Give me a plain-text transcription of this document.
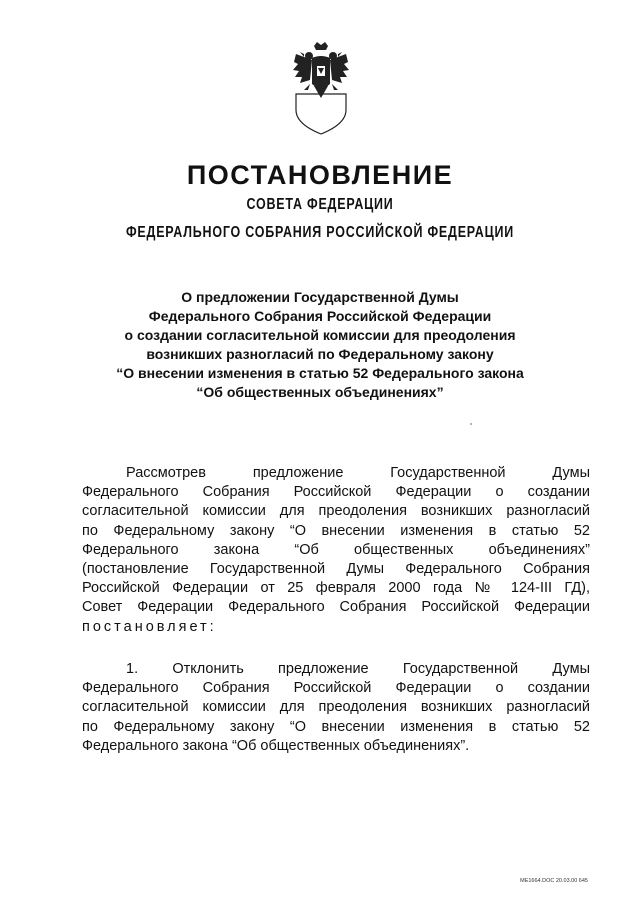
ПОСТАНОВЛЕНИЕ
СОВЕТА ФЕДЕРАЦИИ
ФЕДЕРАЛЬНОГО СОБРАНИЯ РОССИЙСКОЙ ФЕДЕРАЦИИ
О предложении Государственной Думы
Федерального Собрания Российской Федерации
о создании согласительной комиссии для преодоления
возникших разногласий по Федеральному закону
“О внесении изменения в статью 52 Федерального закона
“Об общественных объединениях”
Рассмотрев предложение Государственной Думы
Федерального Собрания Российской Федерации о создании
согласительной комиссии для преодоления возникших разногласий
по Федеральному закону “О внесении изменения в статью 52
Федерального закона “Об общественных объединениях”
(постановление Государственной Думы Федерального Собрания
Российской Федерации от 25 февраля 2000 года № 124-III ГД),
Совет Федерации Федерального Собрания Российской Федерации
постановляет:
1. Отклонить предложение Государственной Думы
Федерального Собрания Российской Федерации о создании
согласительной комиссии для преодоления возникших разногласий
по Федеральному закону “О внесении изменения в статью 52
Федерального закона “Об общественных объединениях”.
ME1664.DOC 20.03.00 645
